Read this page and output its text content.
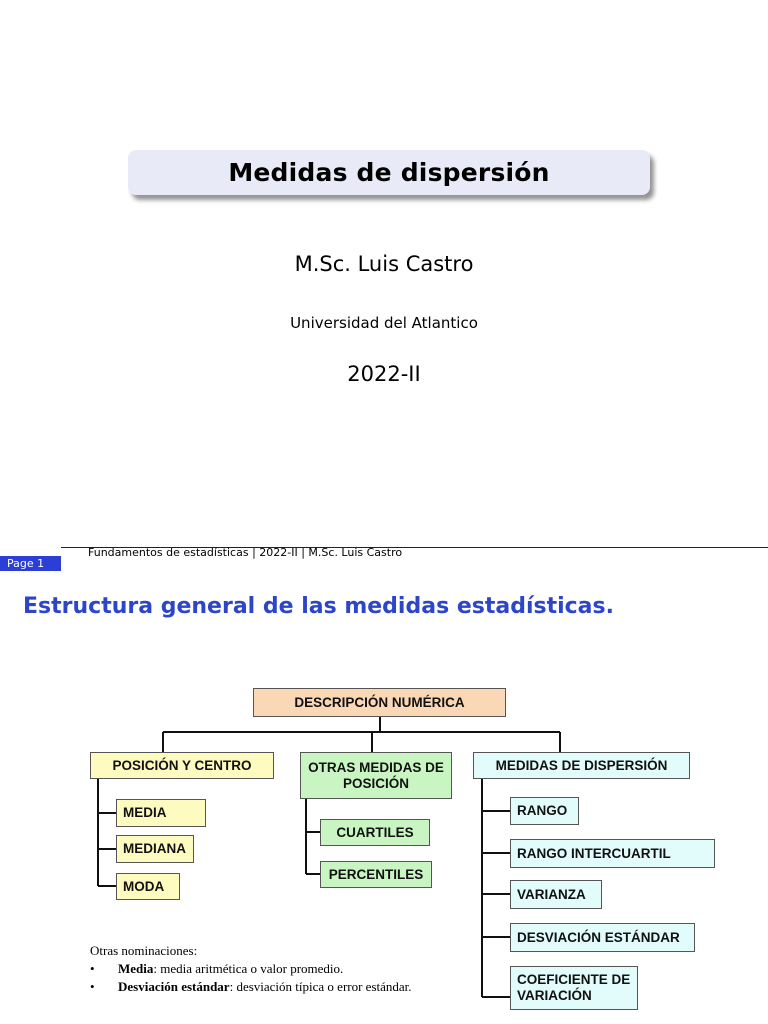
Medidas de dispersión
M.Sc. Luis Castro
Universidad del Atlantico
2022-II
Fundamentos de estadísticas | 2022-II | M.Sc. Luis Castro
Page 1
Estructura general de las medidas estadísticas.
DESCRIPCIÓN NUMÉRICA
POSICIÓN Y CENTRO	OTRAS MEDIDAS DE POSICIÓN
MEDIDAS DE DISPERSIÓN
MEDIA
MEDIANA
MODA
CUARTILES
PERCENTILES
RANGO
RANGO INTERCUARTIL
VARIANZA
DESVIACIÓN ESTÁNDAR
COEFICIENTE DE VARIACIÓN
Otras nominaciones:
•	Media: media aritmética o valor promedio.
•	Desviación estándar: desviación típica o error estándar.
